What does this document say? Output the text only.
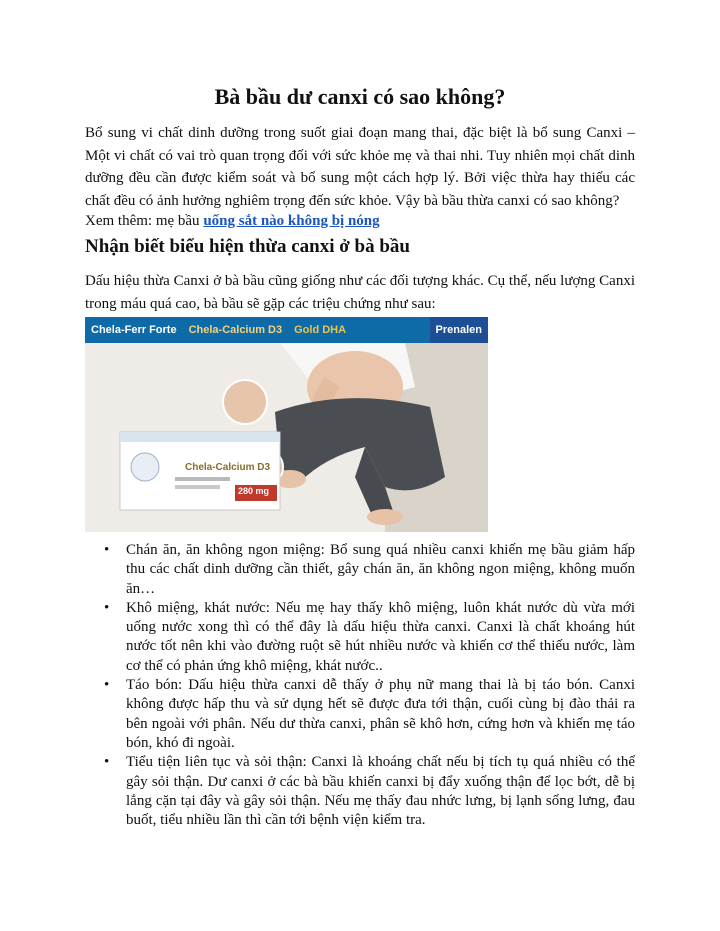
Bà bầu dư canxi có sao không?

Bổ sung vi chất dinh dưỡng trong suốt giai đoạn mang thai, đặc biệt là bổ sung Canxi – Một vi chất có vai trò quan trọng đối với sức khỏe mẹ và thai nhi. Tuy nhiên mọi chất dinh dưỡng đều cần được kiểm soát và bổ sung một cách hợp lý. Bởi việc thừa hay thiếu các chất đều có ảnh hưởng nghiêm trọng đến sức khỏe. Vậy bà bầu thừa canxi có sao không?

Xem thêm: mẹ bầu uống sắt nào không bị nóng

Nhận biết biểu hiện thừa canxi ở bà bầu

Dấu hiệu thừa Canxi ở bà bầu cũng giống như các đối tượng khác. Cụ thể, nếu lượng Canxi trong máu quá cao, bà bầu sẽ gặp các triệu chứng như sau:

Chela-Ferr Forte	Chela-Calcium D3	Gold DHA	Prenalen
Chela-Calcium D3
280 mg
• Chán ăn, ăn không ngon miệng: Bổ sung quá nhiều canxi khiến mẹ bầu giảm hấp thu các chất dinh dưỡng cần thiết, gây chán ăn, ăn không ngon miệng, không muốn ăn…
• Khô miệng, khát nước: Nếu mẹ hay thấy khô miệng, luôn khát nước dù vừa mới uống nước xong thì có thể đây là dấu hiệu thừa canxi. Canxi là chất khoáng hút nước tốt nên khi vào đường ruột sẽ hút nhiều nước và khiến cơ thể thiếu nước, làm cơ thể có phản ứng khô miệng, khát nước..
• Táo bón: Dấu hiệu thừa canxi dễ thấy ở phụ nữ mang thai là bị táo bón. Canxi không được hấp thu và sử dụng hết sẽ được đưa tới thận, cuối cùng bị đào thải ra bên ngoài với phân. Nếu dư thừa canxi, phân sẽ khô hơn, cứng hơn và khiến mẹ táo bón, khó đi ngoài.
• Tiểu tiện liên tục và sỏi thận: Canxi là khoáng chất nếu bị tích tụ quá nhiều có thể gây sỏi thận. Dư canxi ở các bà bầu khiến canxi bị đẩy xuống thận để lọc bớt, dễ bị lắng cặn tại đây và gây sỏi thận. Nếu mẹ thấy đau nhức lưng, bị lạnh sống lưng, đau buốt, tiểu nhiều lần thì cần tới bệnh viện kiểm tra.
